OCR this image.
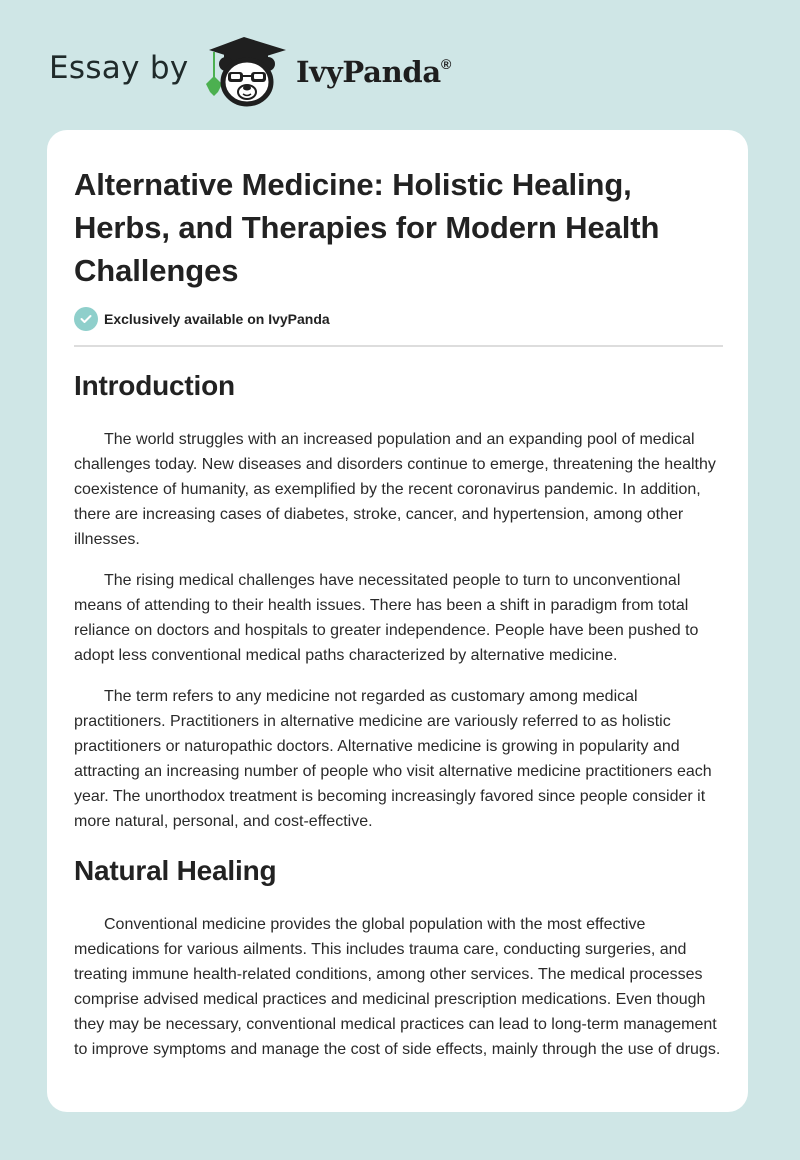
Essay by	IvyPanda ®
Alternative Medicine: Holistic Healing, Herbs, and Therapies for Modern Health Challenges
Exclusively available on IvyPanda
Introduction

The world struggles with an increased population and an expanding pool of medical challenges today. New diseases and disorders continue to emerge, threatening the healthy coexistence of humanity, as exemplified by the recent coronavirus pandemic. In addition, there are increasing cases of diabetes, stroke, cancer, and hypertension, among other illnesses.

The rising medical challenges have necessitated people to turn to unconventional means of attending to their health issues. There has been a shift in paradigm from total reliance on doctors and hospitals to greater independence. People have been pushed to adopt less conventional medical paths characterized by alternative medicine.

The term refers to any medicine not regarded as customary among medical practitioners. Practitioners in alternative medicine are variously referred to as holistic practitioners or naturopathic doctors. Alternative medicine is growing in popularity and attracting an increasing number of people who visit alternative medicine practitioners each year. The unorthodox treatment is becoming increasingly favored since people consider it more natural, personal, and cost-effective.

Natural Healing

Conventional medicine provides the global population with the most effective medications for various ailments. This includes trauma care, conducting surgeries, and treating immune health-related conditions, among other services. The medical processes comprise advised medical practices and medicinal prescription medications. Even though they may be necessary, conventional medical practices can lead to long-term management to improve symptoms and manage the cost of side effects, mainly through the use of drugs.
